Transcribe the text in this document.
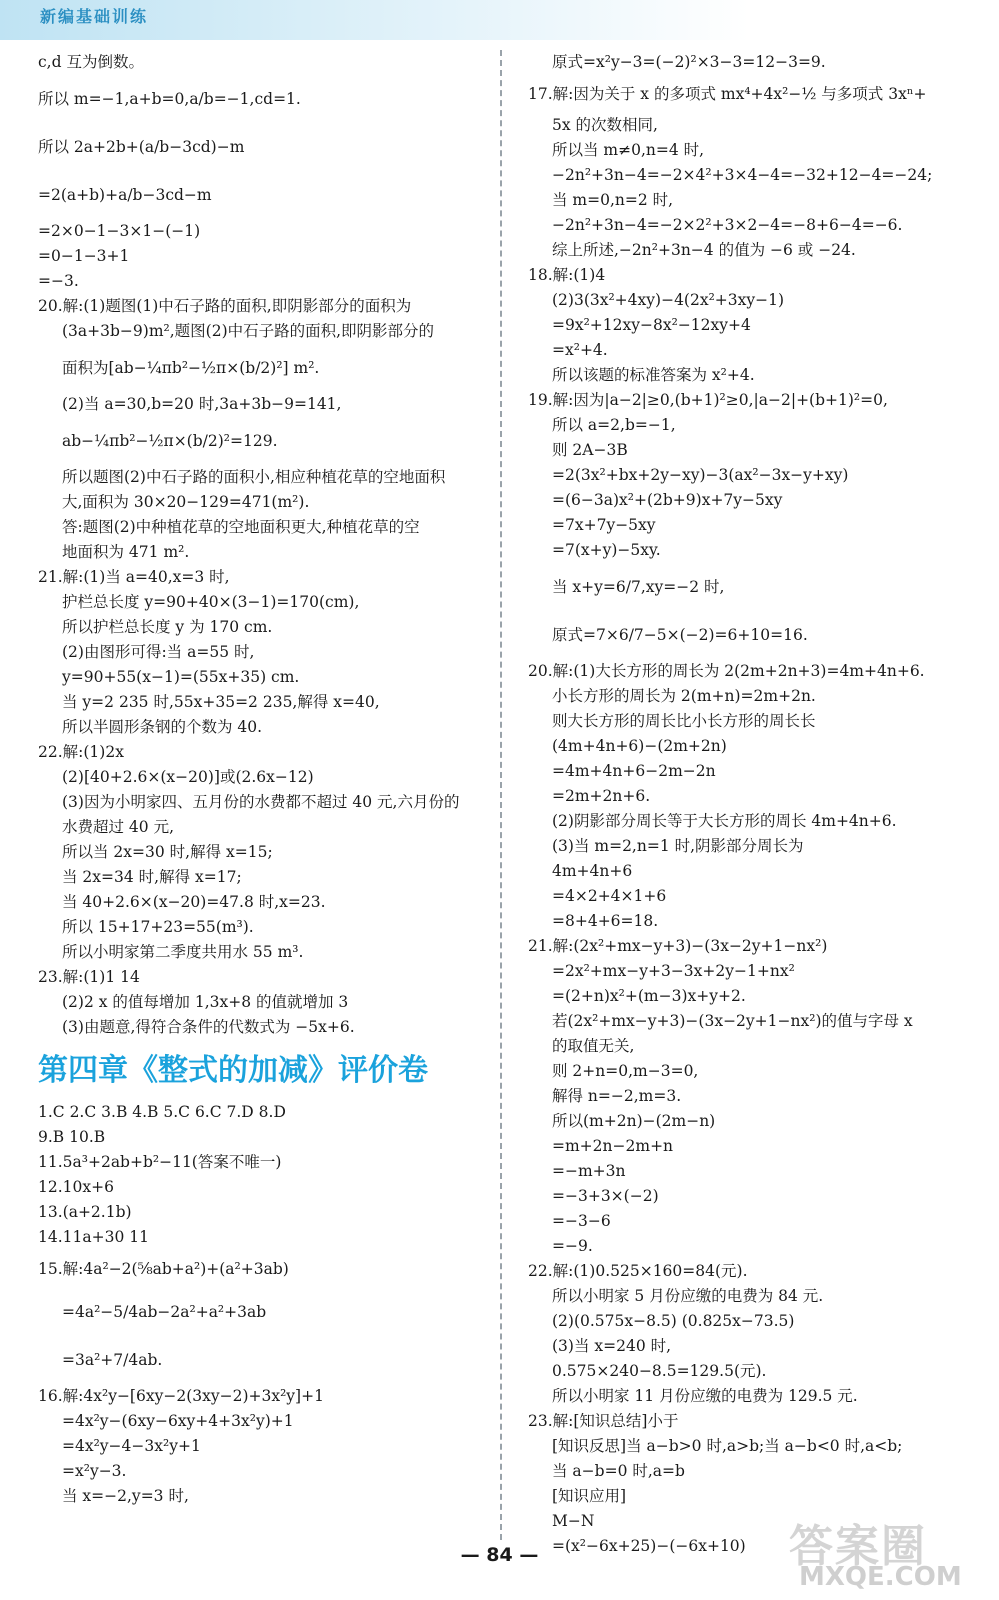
新编基础训练
c,d 互为倒数。
所以 m=−1,a+b=0,a/b=−1,cd=1.
所以 2a+2b+(a/b−3cd)−m
=2(a+b)+a/b−3cd−m
=2×0−1−3×1−(−1)
=0−1−3+1
=−3.
20.解:(1)题图(1)中石子路的面积,即阴影部分的面积为
(3a+3b−9)m²,题图(2)中石子路的面积,即阴影部分的
面积为[ab−¼πb²−½π×(b/2)²] m².
(2)当 a=30,b=20 时,3a+3b−9=141,
ab−¼πb²−½π×(b/2)²=129.
所以题图(2)中石子路的面积小,相应种植花草的空地面积
大,面积为 30×20−129=471(m²).
答:题图(2)中种植花草的空地面积更大,种植花草的空
地面积为 471 m².
21.解:(1)当 a=40,x=3 时,
护栏总长度 y=90+40×(3−1)=170(cm),
所以护栏总长度 y 为 170 cm.
(2)由图形可得:当 a=55 时,
y=90+55(x−1)=(55x+35) cm.
当 y=2 235 时,55x+35=2 235,解得 x=40,
所以半圆形条钢的个数为 40.
22.解:(1)2x
(2)[40+2.6×(x−20)]或(2.6x−12)
(3)因为小明家四、五月份的水费都不超过 40 元,六月份的
水费超过 40 元,
所以当 2x=30 时,解得 x=15;
当 2x=34 时,解得 x=17;
当 40+2.6×(x−20)=47.8 时,x=23.
所以 15+17+23=55(m³).
所以小明家第二季度共用水 55 m³.
23.解:(1)1 14
(2)2 x 的值每增加 1,3x+8 的值就增加 3
(3)由题意,得符合条件的代数式为 −5x+6.
第四章《整式的加减》评价卷
1.C 2.C 3.B 4.B 5.C 6.C 7.D 8.D
9.B 10.B
11.5a³+2ab+b²−11(答案不唯一)
12.10x+6
13.(a+2.1b)
14.11a+30 11
15.解:4a²−2(⅝ab+a²)+(a²+3ab)
=4a²−5/4ab−2a²+a²+3ab
=3a²+7/4ab.
16.解:4x²y−[6xy−2(3xy−2)+3x²y]+1
=4x²y−(6xy−6xy+4+3x²y)+1
=4x²y−4−3x²y+1
=x²y−3.
当 x=−2,y=3 时,
原式=x²y−3=(−2)²×3−3=12−3=9.
17.解:因为关于 x 的多项式 mx⁴+4x²−½ 与多项式 3xⁿ+
5x 的次数相同,
所以当 m≠0,n=4 时,
−2n²+3n−4=−2×4²+3×4−4=−32+12−4=−24;
当 m=0,n=2 时,
−2n²+3n−4=−2×2²+3×2−4=−8+6−4=−6.
综上所述,−2n²+3n−4 的值为 −6 或 −24.
18.解:(1)4
(2)3(3x²+4xy)−4(2x²+3xy−1)
=9x²+12xy−8x²−12xy+4
=x²+4.
所以该题的标准答案为 x²+4.
19.解:因为|a−2|≥0,(b+1)²≥0,|a−2|+(b+1)²=0,
所以 a=2,b=−1,
则 2A−3B
=2(3x²+bx+2y−xy)−3(ax²−3x−y+xy)
=(6−3a)x²+(2b+9)x+7y−5xy
=7x+7y−5xy
=7(x+y)−5xy.
当 x+y=6/7,xy=−2 时,
原式=7×6/7−5×(−2)=6+10=16.
20.解:(1)大长方形的周长为 2(2m+2n+3)=4m+4n+6.
小长方形的周长为 2(m+n)=2m+2n.
则大长方形的周长比小长方形的周长长
(4m+4n+6)−(2m+2n)
=4m+4n+6−2m−2n
=2m+2n+6.
(2)阴影部分周长等于大长方形的周长 4m+4n+6.
(3)当 m=2,n=1 时,阴影部分周长为
4m+4n+6
=4×2+4×1+6
=8+4+6=18.
21.解:(2x²+mx−y+3)−(3x−2y+1−nx²)
=2x²+mx−y+3−3x+2y−1+nx²
=(2+n)x²+(m−3)x+y+2.
若(2x²+mx−y+3)−(3x−2y+1−nx²)的值与字母 x
的取值无关,
则 2+n=0,m−3=0,
解得 n=−2,m=3.
所以(m+2n)−(2m−n)
=m+2n−2m+n
=−m+3n
=−3+3×(−2)
=−3−6
=−9.
22.解:(1)0.525×160=84(元).
所以小明家 5 月份应缴的电费为 84 元.
(2)(0.575x−8.5) (0.825x−73.5)
(3)当 x=240 时,
0.575×240−8.5=129.5(元).
所以小明家 11 月份应缴的电费为 129.5 元.
23.解:[知识总结]小于
[知识反思]当 a−b>0 时,a>b;当 a−b<0 时,a<b;
当 a−b=0 时,a=b
[知识应用]
M−N
=(x²−6x+25)−(−6x+10)
— 84 —	答案圈
MXQE.COM
